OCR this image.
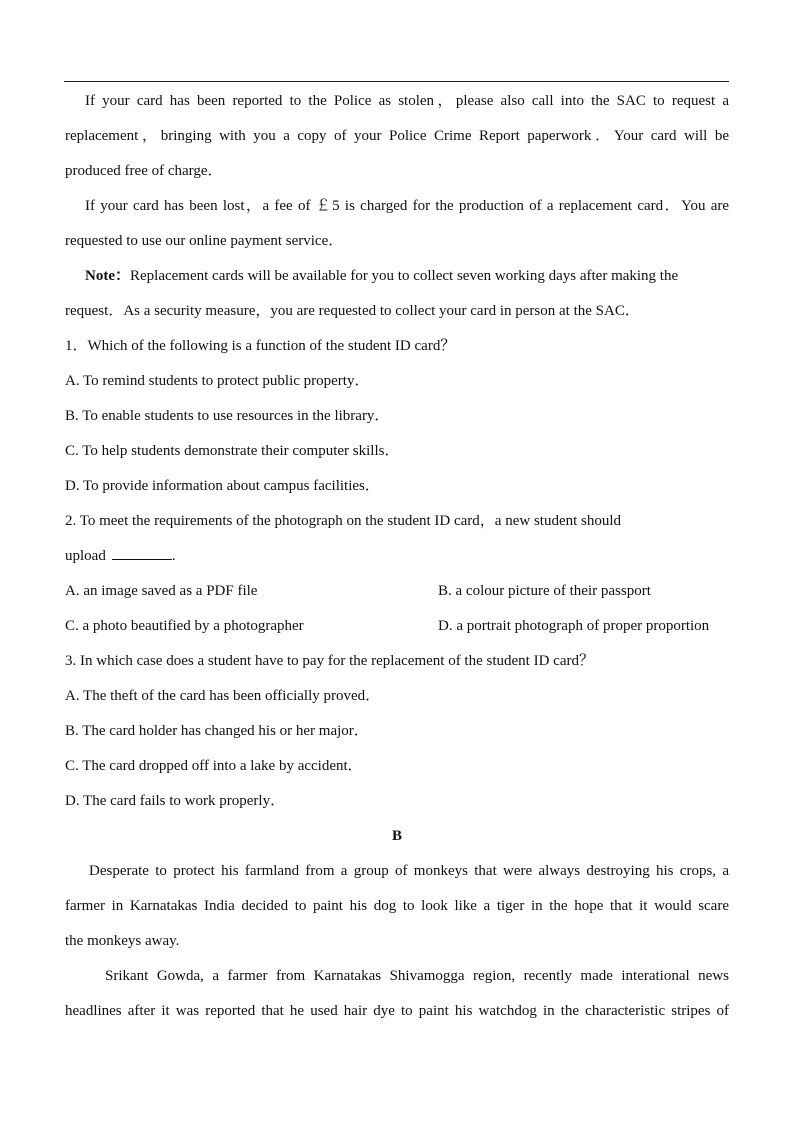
If your card has been reported to the Police as stolen，please also call into the SAC to request a
replacement，bringing with you a copy of your Police Crime Report paperwork．Your card will be
produced free of charge．
If your card has been lost，a fee of ￡5 is charged for the production of a replacement card．You are
requested to use our online payment service．
Note：Replacement cards will be available for you to collect seven working days after making the
request．As a security measure，you are requested to collect your card in person at the SAC．
1．Which of the following is a function of the student ID card？
A. To remind students to protect public property．
B. To enable students to use resources in the library．
C. To help students demonstrate their computer skills．
D. To provide information about campus facilities．
2. To meet the requirements of the photograph on the student ID card，a new student should
upload	.
A. an image saved as a PDF file	B. a colour picture of their passport
C. a photo beautified by a photographer	D. a portrait photograph of proper proportion
3. In which case does a student have to pay for the replacement of the student ID card？
A. The theft of the card has been officially proved．
B. The card holder has changed his or her major．
C. The card dropped off into a lake by accident．
D. The card fails to work properly．
B
Desperate to protect his farmland from a group of monkeys that were always destroying his crops, a
farmer in Karnatakas India decided to paint his dog to look like a tiger in the hope that it would scare
the monkeys away.
Srikant Gowda, a farmer from Karnatakas Shivamogga region, recently made interational news
headlines after it was reported that he used hair dye to paint his watchdog in the characteristic stripes of
